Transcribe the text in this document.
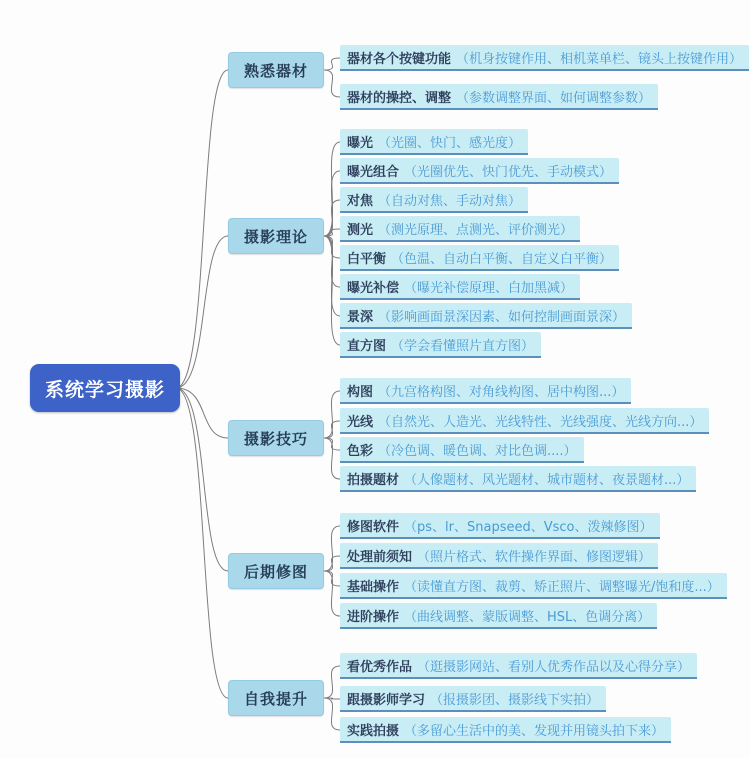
系统学习摄影
熟悉器材
器材各个按键功能 （机身按键作用、相机菜单栏、镜头上按键作用）
器材的操控、调整 （参数调整界面、如何调整参数）
摄影理论
曝光 （光圈、快门、感光度）
曝光组合 （光圈优先、快门优先、手动模式）
对焦 （自动对焦、手动对焦）
测光 （测光原理、点测光、评价测光）
白平衡 （色温、自动白平衡、自定义白平衡）
曝光补偿 （曝光补偿原理、白加黑减）
景深 （影响画面景深因素、如何控制画面景深）
直方图 （学会看懂照片直方图）
摄影技巧
构图 （九宫格构图、对角线构图、居中构图...）
光线 （自然光、人造光、光线特性、光线强度、光线方向...）
色彩 （冷色调、暖色调、对比色调....）
拍摄题材 （人像题材、风光题材、城市题材、夜景题材...）
后期修图
修图软件 （ps、lr、Snapseed、Vsco、泼辣修图）
处理前须知 （照片格式、软件操作界面、修图逻辑）
基础操作 （读懂直方图、裁剪、矫正照片、调整曝光/饱和度...）
进阶操作 （曲线调整、蒙版调整、HSL、色调分离）
自我提升
看优秀作品 （逛摄影网站、看别人优秀作品以及心得分享）
跟摄影师学习 （报摄影团、摄影线下实拍）
实践拍摄 （多留心生活中的美、发现并用镜头拍下来）
